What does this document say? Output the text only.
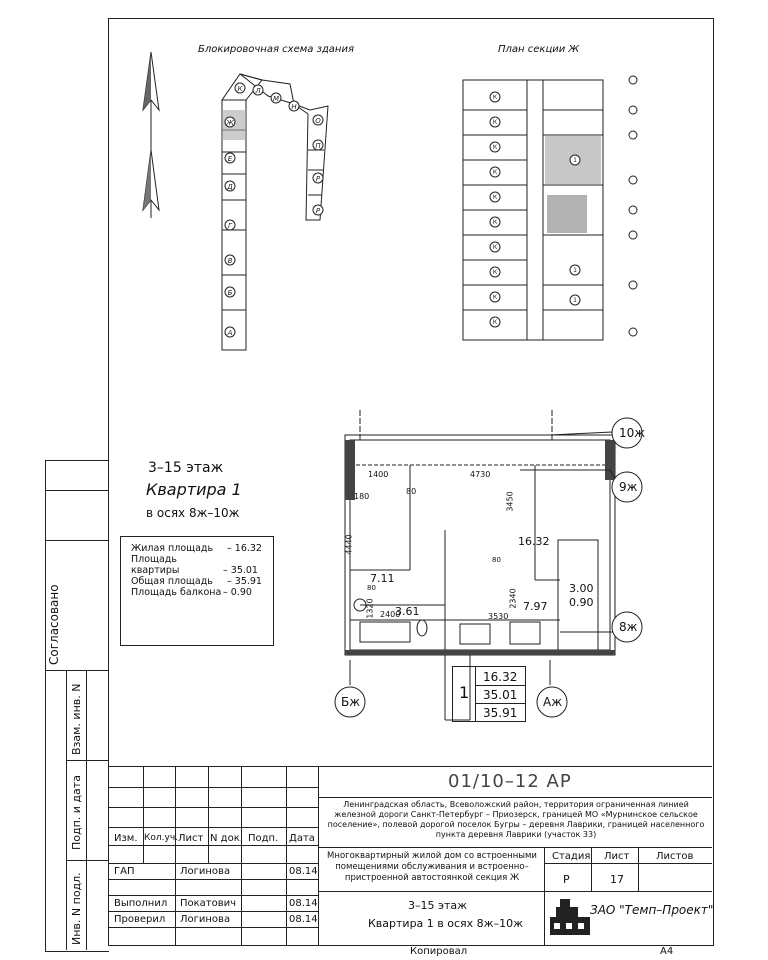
Согласовано
Взам. инв. N
Подп. и дата
Инв. N подл.
Блокировочная схема здания	План секции Ж
К Л
М
Н
О
П
Р
Р
Ж
Е
Д
Г
В
Б
А
К
К
К
К
К
К
К
К
К
К
1
1
1
3–15 этаж
Квартира 1
в осях 8ж–10ж
Жилая площадь – 16.32
Площадь квартиры	– 35.01
Общая площадь – 35.91
Площадь балкона – 0.90
1400	4730
180
80
4440
3450
80
2400	3530
2340
1320
80
16.32
7.11
3.61	7.97
3.00
0.90
10ж
9ж
8ж
Бж	Аж
1
16.32
35.01
35.91
Изм. Кол.уч. Лист N док. Подп. Дата
ГАП	Логинова	08.14
Выполнил Покатович	08.14
Проверил Логинова	08.14
01/10–12 АР
Ленинградская область, Всеволожский район, территория ограниченная линией железной дороги Санкт-Петербург – Приозерск, границей МО «Мурнинское сельское поселение», полевой дорогой поселок Бугры – деревня Лаврики, границей населенного пункта деревня Лаврики (участок 33)
Многоквартирный жилой дом со встроенными помещениями обслуживания и встроенно–пристроенной автостоянкой секция Ж
Стадия Лист	Листов
Р	17
3–15 этаж
Квартира 1 в осях 8ж–10ж
ЗАО "Темп–Проект"
Копировал	А4
